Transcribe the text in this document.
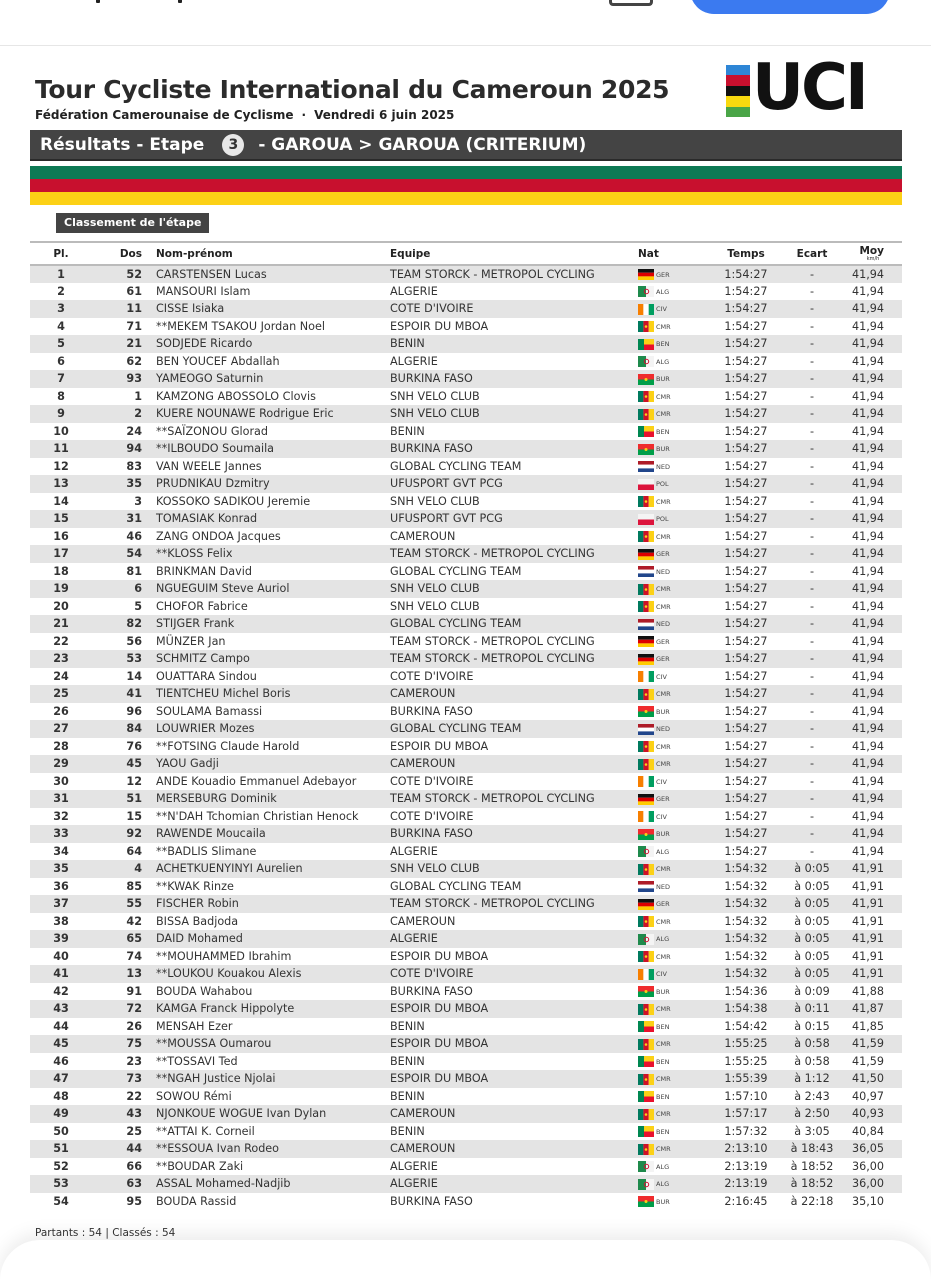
Tour Cycliste International du Cameroun 2025
Fédération Camerounaise de Cyclisme · Vendredi 6 juin 2025	UCI
Résultats - Etape	3	- GAROUA > GAROUA (CRITERIUM)
Classement de l'étape
Pl.	Dos	Nom-prénom	Equipe	Nat	Temps	Ecart	Moy
km/h

1	52	CARSTENSEN Lucas	TEAM STORCK - METROPOL CYCLING	GER	1:54:27	-	41,94
2	61	MANSOURI Islam	ALGERIE	ALG	1:54:27	-	41,94
3	11	CISSE Isiaka	COTE D'IVOIRE	CIV	1:54:27	-	41,94
4	71	**MEKEM TSAKOU Jordan Noel	ESPOIR DU MBOA	CMR	1:54:27	-	41,94
5	21	SODJEDE Ricardo	BENIN	BEN	1:54:27	-	41,94
6	62	BEN YOUCEF Abdallah	ALGERIE	ALG	1:54:27	-	41,94
7	93	YAMEOGO Saturnin	BURKINA FASO	BUR	1:54:27	-	41,94
8	1	KAMZONG ABOSSOLO Clovis	SNH VELO CLUB	CMR	1:54:27	-	41,94
9	2	KUERE NOUNAWE Rodrigue Eric	SNH VELO CLUB	CMR	1:54:27	-	41,94
10	24	**SAÏZONOU Glorad	BENIN	BEN	1:54:27	-	41,94
11	94	**ILBOUDO Soumaila	BURKINA FASO	BUR	1:54:27	-	41,94
12	83	VAN WEELE Jannes	GLOBAL CYCLING TEAM	NED	1:54:27	-	41,94
13	35	PRUDNIKAU Dzmitry	UFUSPORT GVT PCG	POL	1:54:27	-	41,94
14	3	KOSSOKO SADIKOU Jeremie	SNH VELO CLUB	CMR	1:54:27	-	41,94
15	31	TOMASIAK Konrad	UFUSPORT GVT PCG	POL	1:54:27	-	41,94
16	46	ZANG ONDOA Jacques	CAMEROUN	CMR	1:54:27	-	41,94
17	54	**KLOSS Felix	TEAM STORCK - METROPOL CYCLING	GER	1:54:27	-	41,94
18	81	BRINKMAN David	GLOBAL CYCLING TEAM	NED	1:54:27	-	41,94
19	6	NGUEGUIM Steve Auriol	SNH VELO CLUB	CMR	1:54:27	-	41,94
20	5	CHOFOR Fabrice	SNH VELO CLUB	CMR	1:54:27	-	41,94
21	82	STIJGER Frank	GLOBAL CYCLING TEAM	NED	1:54:27	-	41,94
22	56	MÜNZER Jan	TEAM STORCK - METROPOL CYCLING	GER	1:54:27	-	41,94
23	53	SCHMITZ Campo	TEAM STORCK - METROPOL CYCLING	GER	1:54:27	-	41,94
24	14	OUATTARA Sindou	COTE D'IVOIRE	CIV	1:54:27	-	41,94
25	41	TIENTCHEU Michel Boris	CAMEROUN	CMR	1:54:27	-	41,94
26	96	SOULAMA Bamassi	BURKINA FASO	BUR	1:54:27	-	41,94
27	84	LOUWRIER Mozes	GLOBAL CYCLING TEAM	NED	1:54:27	-	41,94
28	76	**FOTSING Claude Harold	ESPOIR DU MBOA	CMR	1:54:27	-	41,94
29	45	YAOU Gadji	CAMEROUN	CMR	1:54:27	-	41,94
30	12	ANDE Kouadio Emmanuel Adebayor	COTE D'IVOIRE	CIV	1:54:27	-	41,94
31	51	MERSEBURG Dominik	TEAM STORCK - METROPOL CYCLING	GER	1:54:27	-	41,94
32	15	**N'DAH Tchomian Christian Henock	COTE D'IVOIRE	CIV	1:54:27	-	41,94
33	92	RAWENDE Moucaila	BURKINA FASO	BUR	1:54:27	-	41,94
34	64	**BADLIS Slimane	ALGERIE	ALG	1:54:27	-	41,94
35	4	ACHETKUENYINYI Aurelien	SNH VELO CLUB	CMR	1:54:32	à 0:05	41,91
36	85	**KWAK Rinze	GLOBAL CYCLING TEAM	NED	1:54:32	à 0:05	41,91
37	55	FISCHER Robin	TEAM STORCK - METROPOL CYCLING	GER	1:54:32	à 0:05	41,91
38	42	BISSA Badjoda	CAMEROUN	CMR	1:54:32	à 0:05	41,91
39	65	DAID Mohamed	ALGERIE	ALG	1:54:32	à 0:05	41,91
40	74	**MOUHAMMED Ibrahim	ESPOIR DU MBOA	CMR	1:54:32	à 0:05	41,91
41	13	**LOUKOU Kouakou Alexis	COTE D'IVOIRE	CIV	1:54:32	à 0:05	41,91
42	91	BOUDA Wahabou	BURKINA FASO	BUR	1:54:36	à 0:09	41,88
43	72	KAMGA Franck Hippolyte	ESPOIR DU MBOA	CMR	1:54:38	à 0:11	41,87
44	26	MENSAH Ezer	BENIN	BEN	1:54:42	à 0:15	41,85
45	75	**MOUSSA Oumarou	ESPOIR DU MBOA	CMR	1:55:25	à 0:58	41,59
46	23	**TOSSAVI Ted	BENIN	BEN	1:55:25	à 0:58	41,59
47	73	**NGAH Justice Njolai	ESPOIR DU MBOA	CMR	1:55:39	à 1:12	41,50
48	22	SOWOU Rémi	BENIN	BEN	1:57:10	à 2:43	40,97
49	43	NJONKOUE WOGUE Ivan Dylan	CAMEROUN	CMR	1:57:17	à 2:50	40,93
50	25	**ATTAI K. Corneil	BENIN	BEN	1:57:32	à 3:05	40,84
51	44	**ESSOUA Ivan Rodeo	CAMEROUN	CMR	2:13:10	à 18:43	36,05
52	66	**BOUDAR Zaki	ALGERIE	ALG	2:13:19	à 18:52	36,00
53	63	ASSAL Mohamed-Nadjib	ALGERIE	ALG	2:13:19	à 18:52	36,00
54	95	BOUDA Rassid	BURKINA FASO	BUR	2:16:45	à 22:18	35,10
Partants : 54 | Classés : 54
